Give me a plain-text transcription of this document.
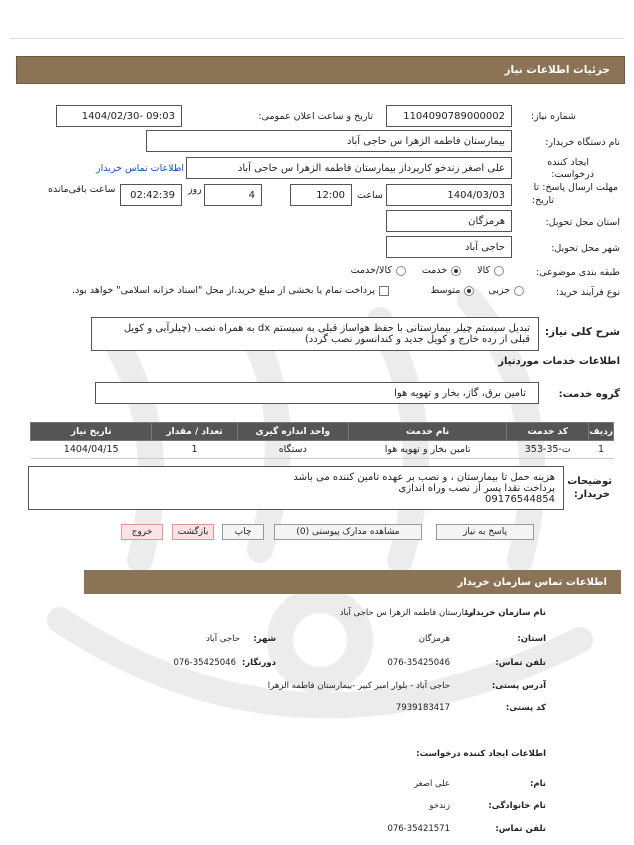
جزئیات اطلاعات نیاز
شماره نیاز:
1104090789000002
تاریخ و ساعت اعلان عمومی:
1404/02/30- 09:03
نام دستگاه خریدار:
بیمارستان فاطمه الزهرا س حاجی آباد
ایجاد کننده
درخواست:
علی اصغر زندخو کارپرداز بیمارستان فاطمه الزهرا س حاجی آباد
اطلاعات تماس خریدار
مهلت ارسال پاسخ: تا
تاریخ:
1404/03/03
ساعت
12:00
4
روز
02:42:39
ساعت باقی‌مانده
استان محل تحویل:
هرمزگان
شهر محل تحویل:
حاجی آباد
طبقه بندی موضوعی:
کالا
خدمت
کالا/خدمت
نوع فرآیند خرید:
جزیی
متوسط
پرداخت تمام یا بخشی از مبلغ خرید،از محل "اسناد خزانه اسلامی" خواهد بود.
شرح کلی نیاز:
تبدیل سیستم چیلر بیمارستانی با حفظ هواساز قبلی به سیستم dx به همراه نصب (چیلرآبی و کویل
قبلی از رده خارج و کویل جدید و کندانسور نصب گردد)
اطلاعات خدمات موردنیاز
گروه خدمت:
تامین برق، گاز، بخار و تهویه هوا
ردیف	کد خدمت	نام خدمت	واحد اندازه گیری	تعداد / مقدار	تاریخ نیاز
1	ت-35-353	تامین بخار و تهویه هوا	دستگاه	1	1404/04/15
توضیحات
خریدار:
هزینه حمل تا بیمارستان ، و نصب بر عهده تامین کننده می باشد
پرداخت نقدا پسر از نصب وراه اندازی
09176544854
پاسخ به نیاز
مشاهده مدارک پیوستی (0)
چاپ
بازگشت
خروج
اطلاعات تماس سازمان خریدار
نام سازمان خریدار:
بیمارستان فاطمه الزهرا س حاجی آباد
استان:
هرمزگان
شهر:
حاجی آباد
تلفن تماس:
076-35425046
دورنگار:
076-35425046
آدرس پستی:
حاجی آباد - بلوار امیر کبیر -بیمارستان فاطمه الزهرا
کد پستی:
7939183417
اطلاعات ایجاد کننده درخواست:
نام:
علی اصغر
نام خانوادگی:
زندخو
تلفن تماس:
076-35421571
